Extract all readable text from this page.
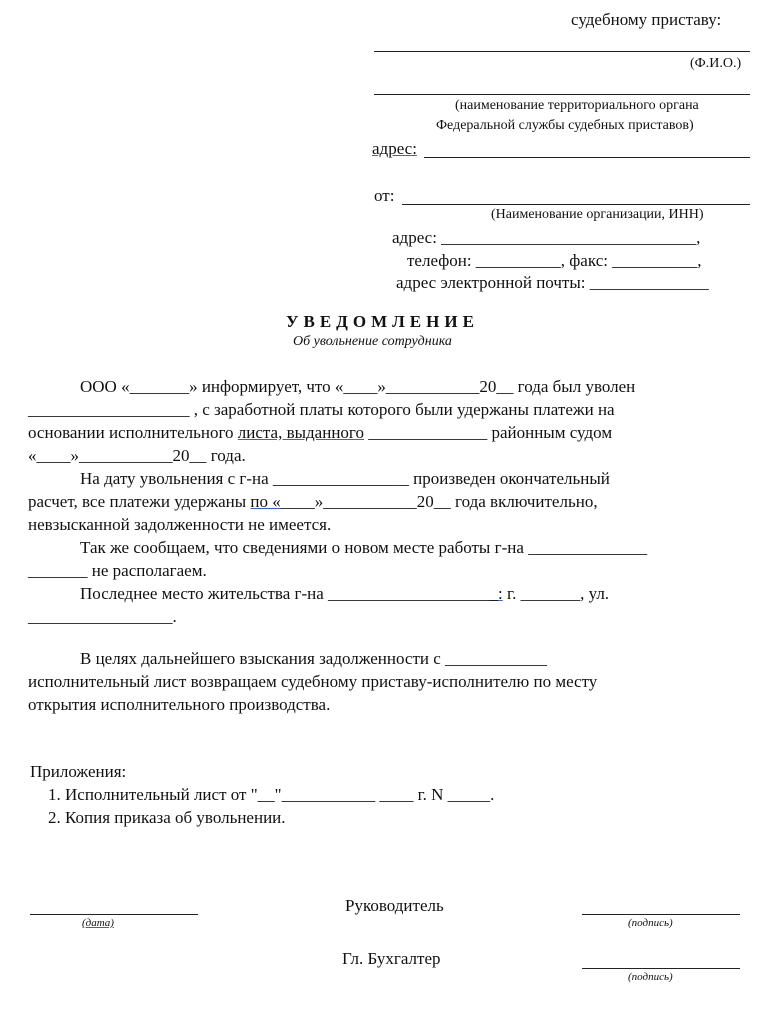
судебному приставу:
(Ф.И.О.)
(наименование территориального органа
Федеральной службы судебных приставов)
адрес:
от:
(Наименование организации, ИНН)
адрес: ______________________________,
телефон: __________, факс: __________,
адрес электронной почты: ______________
УВЕДОМЛЕНИЕ
Об увольнение сотрудника
ООО «_______» информирует, что «____»___________20__ года был уволен
___________________ , с заработной платы которого были удержаны платежи на
основании исполнительного листа, выданного ______________ районным судом
«____»___________20__ года.
На дату увольнения с г-на ________________ произведен окончательный
расчет, все платежи удержаны по «____»___________20__ года включительно,
невзысканной задолженности не имеется.
Так же сообщаем, что сведениями о новом месте работы г-на ______________
_______ не располагаем.
Последнее место жительства г-на ____________________: г. _______, ул.
_________________.
В целях дальнейшего взыскания задолженности с ____________
исполнительный лист возвращаем судебному приставу-исполнителю по месту
открытия исполнительного производства.
Приложения:
1. Исполнительный лист от "__"___________ ____ г. N _____.
2. Копия приказа об увольнении.
(дата)
Руководитель
(подпись)
Гл. Бухгалтер
(подпись)
